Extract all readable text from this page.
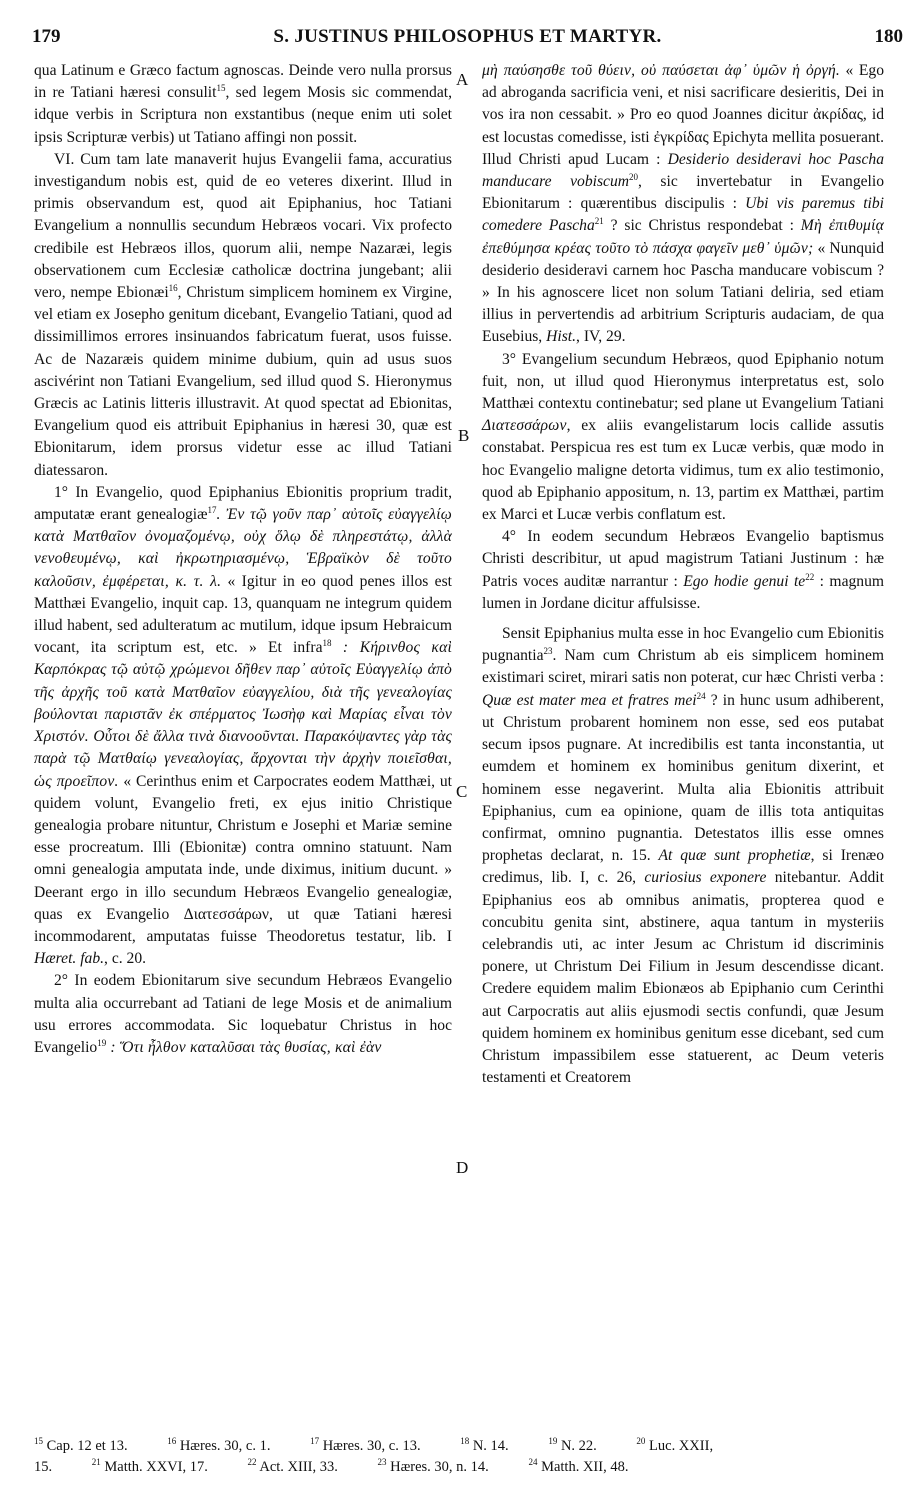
179	S. JUSTINUS PHILOSOPHUS ET MARTYR.	180
A
B
C
D

qua Latinum e Græco factum agnoscas. Deinde vero nulla prorsus in re Tatiani hæresi consulit$^{15}$, sed legem Mosis sic commendat, idque verbis in Scriptura non exstantibus (neque enim uti solet ipsis Scripturæ verbis) ut Tatiano affingi non possit.

VI. Cum tam late manaverit hujus Evangelii fama, accuratius investigandum nobis est, quid de eo veteres dixerint. Illud in primis observandum est, quod ait Epiphanius, hoc Tatiani Evangelium a nonnullis secundum Hebræos vocari. Vix profecto credibile est Hebræos illos, quorum alii, nempe Nazaræi, legis observationem cum Ecclesiæ catholicæ doctrina jungebant; alii vero, nempe Ebionæi$^{16}$, Christum simplicem hominem ex Virgine, vel etiam ex Josepho genitum dicebant, Evangelio Tatiani, quod ad dissimillimos errores insinuandos fabricatum fuerat, usos fuisse. Ac de Nazaræis quidem minime dubium, quin ad usus suos ascivérint non Tatiani Evangelium, sed illud quod S. Hieronymus Græcis ac Latinis litteris illustravit. At quod spectat ad Ebionitas, Evangelium quod eis attribuit Epiphanius in hæresi 30, quæ est Ebionitarum, idem prorsus videtur esse ac illud Tatiani diatessaron.

1° In Evangelio, quod Epiphanius Ebionitis proprium tradit, amputatæ erant genealogiæ$^{17}$. Ἐν τῷ γοῦν παρ᾽ αὐτοῖς εὐαγγελίῳ κατὰ Ματθαῖον ὀνομαζομένῳ, οὐχ ὅλῳ δὲ πληρεστάτῳ, ἀλλὰ νενοθευμένῳ, καὶ ἠκρωτηριασμένῳ, Ἑβραϊκὸν δὲ τοῦτο καλοῦσιν, ἐμφέρεται, κ. τ. λ. « Igitur in eo quod penes illos est Matthæi Evangelio, inquit cap. 13, quanquam ne integrum quidem illud habent, sed adulteratum ac mutilum, idque ipsum Hebraicum vocant, ita scriptum est, etc. » Et infra$^{18}$ : Κήρινθος καὶ Καρπόκρας τῷ αὐτῷ χρώμενοι δῆθεν παρ᾽ αὐτοῖς Εὐαγγελίῳ ἀπὸ τῆς ἀρχῆς τοῦ κατὰ Ματθαῖον εὐαγγελίου, διὰ τῆς γενεαλογίας βούλονται παριστᾶν ἐκ σπέρματος Ἰωσὴφ καὶ Μαρίας εἶναι τὸν Χριστόν. Οὗτοι δὲ ἄλλα τινὰ διανοοῦνται. Παρακόψαντες γὰρ τὰς παρὰ τῷ Ματθαίῳ γενεαλογίας, ἄρχονται τὴν ἀρχὴν ποιεῖσθαι, ὡς προεῖπον. « Cerinthus enim et Carpocrates eodem Matthæi, ut quidem volunt, Evangelio freti, ex ejus initio Christique genealogia probare nituntur, Christum e Josephi et Mariæ semine esse procreatum. Illi (Ebionitæ) contra omnino statuunt. Nam omni genealogia amputata inde, unde diximus, initium ducunt. » Deerant ergo in illo secundum Hebræos Evangelio genealogiæ, quas ex Evangelio Διατεσσάρων, ut quæ Tatiani hæresi incommodarent, amputatas fuisse Theodoretus testatur, lib. I Hæret. fab., c. 20.

2° In eodem Ebionitarum sive secundum Hebræos Evangelio multa alia occurrebant ad Tatiani de lege Mosis et de animalium usu errores accommodata. Sic loquebatur Christus in hoc Evangelio$^{19}$ : Ὅτι ἦλθον καταλῦσαι τὰς θυσίας, καὶ ἐὰν

μὴ παύσησθε τοῦ θύειν, οὐ παύσεται ἀφ᾽ ὑμῶν ἡ ὀργή. « Ego ad abroganda sacrificia veni, et nisi sacrificare desieritis, Dei in vos ira non cessabit. » Pro eo quod Joannes dicitur ἀκρίδας, id est locustas comedisse, isti ἐγκρίδας Epichyta mellita posuerant. Illud Christi apud Lucam : Desiderio desideravi hoc Pascha manducare vobiscum$^{20}$, sic invertebatur in Evangelio Ebionitarum : quærentibus discipulis : Ubi vis paremus tibi comedere Pascha$^{21}$ ? sic Christus respondebat : Μὴ ἐπιθυμίᾳ ἐπεθύμησα κρέας τοῦτο τὸ πάσχα φαγεῖν μεθ᾽ ὑμῶν; « Nunquid desiderio desideravi carnem hoc Pascha manducare vobiscum ? » In his agnoscere licet non solum Tatiani deliria, sed etiam illius in pervertendis ad arbitrium Scripturis audaciam, de qua Eusebius, Hist., IV, 29.

3° Evangelium secundum Hebræos, quod Epiphanio notum fuit, non, ut illud quod Hieronymus interpretatus est, solo Matthæi contextu continebatur; sed plane ut Evangelium Tatiani Διατεσσάρων, ex aliis evangelistarum locis callide assutis constabat. Perspicua res est tum ex Lucæ verbis, quæ modo in hoc Evangelio maligne detorta vidimus, tum ex alio testimonio, quod ab Epiphanio appositum, n. 13, partim ex Matthæi, partim ex Marci et Lucæ verbis conflatum est.

4° In eodem secundum Hebræos Evangelio baptismus Christi describitur, ut apud magistrum Tatiani Justinum : hæ Patris voces auditæ narrantur : Ego hodie genui $te^{22}$ : magnum lumen in Jordane dicitur affulsisse.

Sensit Epiphanius multa esse in hoc Evangelio cum Ebionitis pugnantia$^{23}$. Nam cum Christum ab eis simplicem hominem existimari sciret, mirari satis non poterat, cur hæc Christi verba : Quæ est mater mea et fratres mei$^{24}$ ? in hunc usum adhiberent, ut Christum probarent hominem non esse, sed eos putabat secum ipsos pugnare. At incredibilis est tanta inconstantia, ut eumdem et hominem ex hominibus genitum dixerint, et hominem esse negaverint. Multa alia Ebionitis attribuit Epiphanius, cum ea opinione, quam de illis tota antiquitas confirmat, omnino pugnantia. Detestatos illis esse omnes prophetas declarat, n. 15. At quæ sunt prophetiæ, si Irenæo credimus, lib. I, c. 26, curiosius exponere nitebantur. Addit Epiphanius eos ab omnibus animatis, propterea quod e concubitu genita sint, abstinere, aqua tantum in mysteriis celebrandis uti, ac inter Jesum ac Christum id discriminis ponere, ut Christum Dei Filium in Jesum descendisse dicant. Credere equidem malim Ebionæos ab Epiphanio cum Cerinthi aut Carpocratis aut aliis ejusmodi sectis confundi, quæ Jesum quidem hominem ex hominibus genitum esse dicebant, sed cum Christum impassibilem esse statuerent, ac Deum veteris testamenti et Creatorem

$^{15}$ Cap. 12 et 13.	$^{16}$ Hæres. 30, c. 1.	$^{17}$ Hæres. 30, c. 13.	$^{18}$ N. 14.	$^{19}$ N. 22.	$^{20}$ Luc. XXII,
15.	$^{21}$ Matth. XXVI, 17.	$^{22}$ Act. XIII, 33.	$^{23}$ Hæres. 30, n. 14.	$^{24}$ Matth. XII, 48.
